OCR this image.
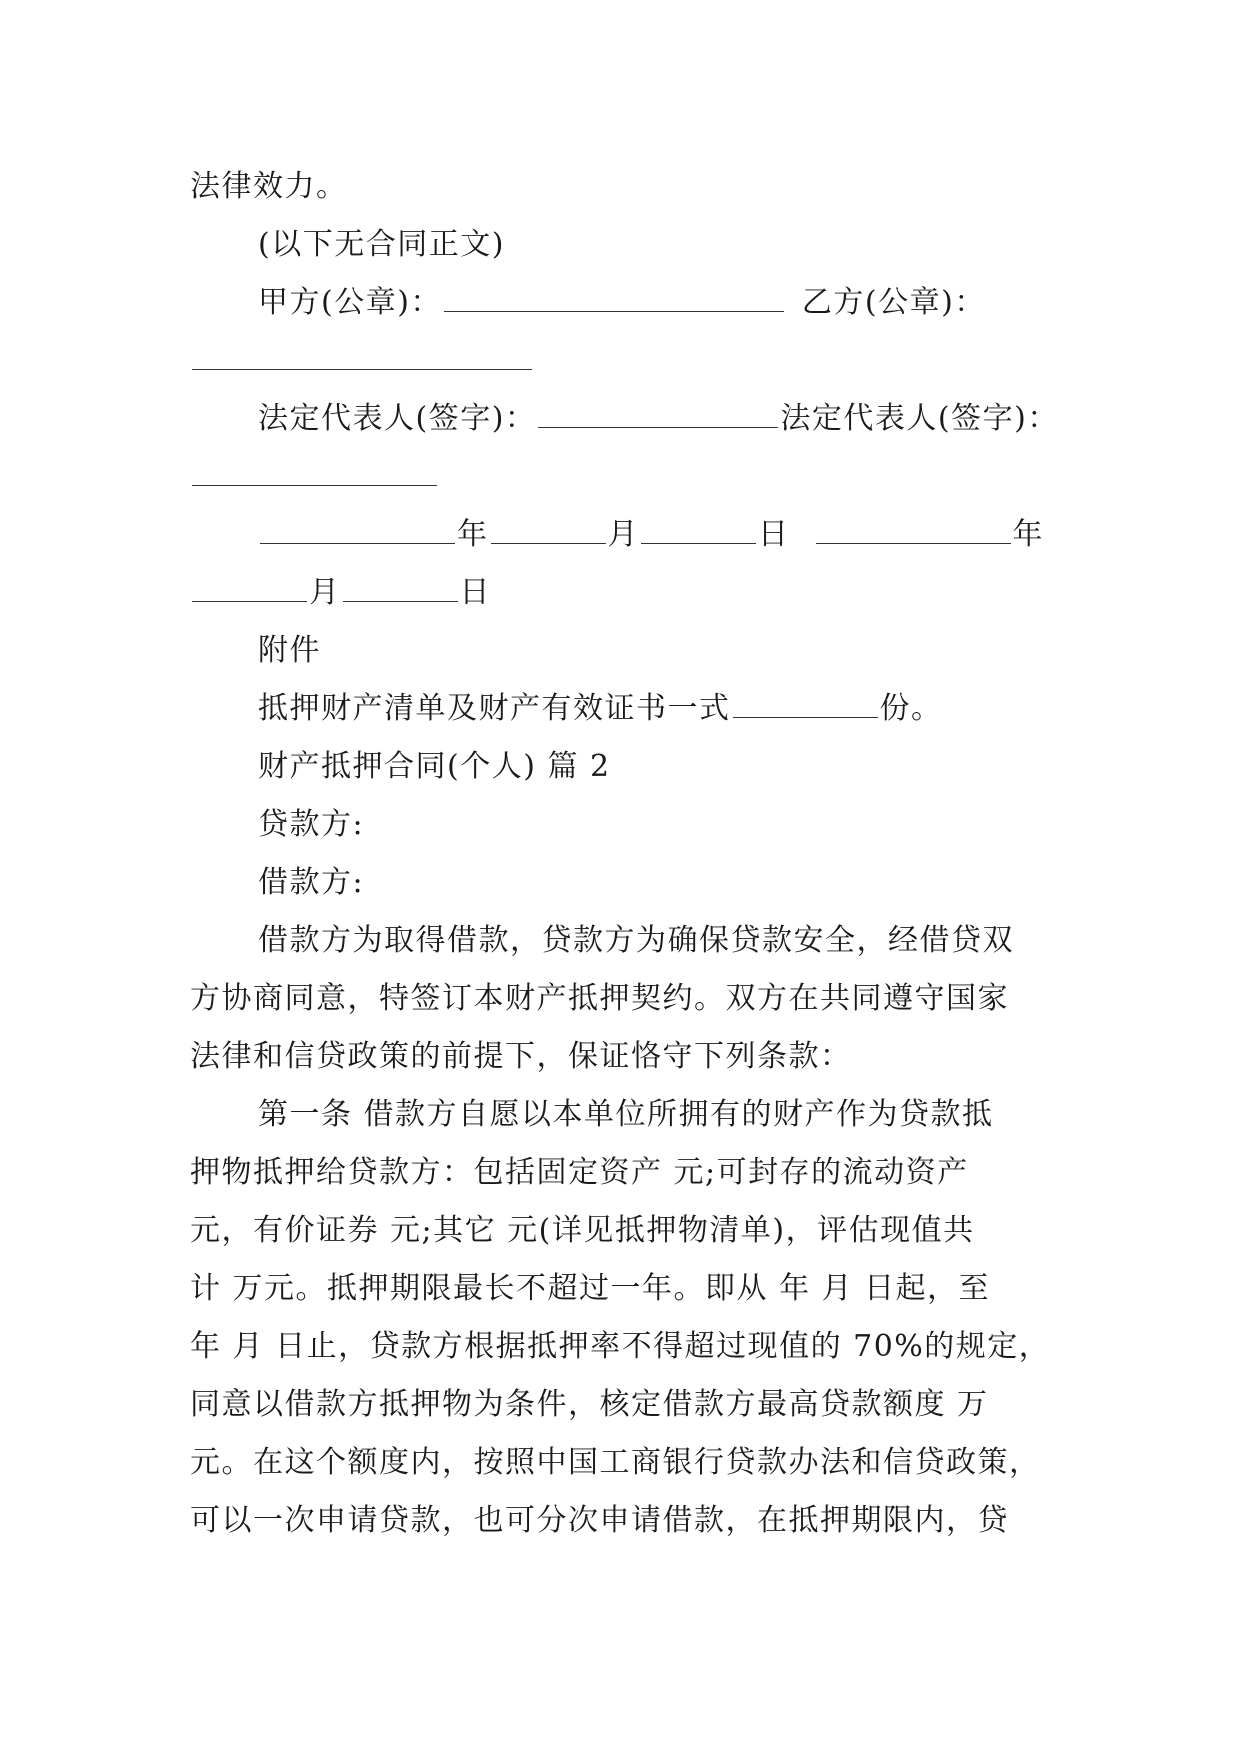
法律效力。
(以下无合同正文)
甲方(公章)：	乙方(公章)：
法定代表人(签字)：	法定代表人(签字)：
年	月	日	年
月	日
附件
抵押财产清单及财产有效证书一式	份。
财产抵押合同(个人) 篇 2
贷款方:
借款方:
借款方为取得借款，贷款方为确保贷款安全，经借贷双
方协商同意，特签订本财产抵押契约。双方在共同遵守国家
法律和信贷政策的前提下，保证恪守下列条款：
第一条 借款方自愿以本单位所拥有的财产作为贷款抵
押物抵押给贷款方：包括固定资产 元;可封存的流动资产
元，有价证券 元;其它 元(详见抵押物清单)，评估现值共
计 万元。抵押期限最长不超过一年。即从 年 月 日起，至
年 月 日止，贷款方根据抵押率不得超过现值的 70%的规定，
同意以借款方抵押物为条件，核定借款方最高贷款额度 万
元。在这个额度内，按照中国工商银行贷款办法和信贷政策，
可以一次申请贷款，也可分次申请借款，在抵押期限内，贷
